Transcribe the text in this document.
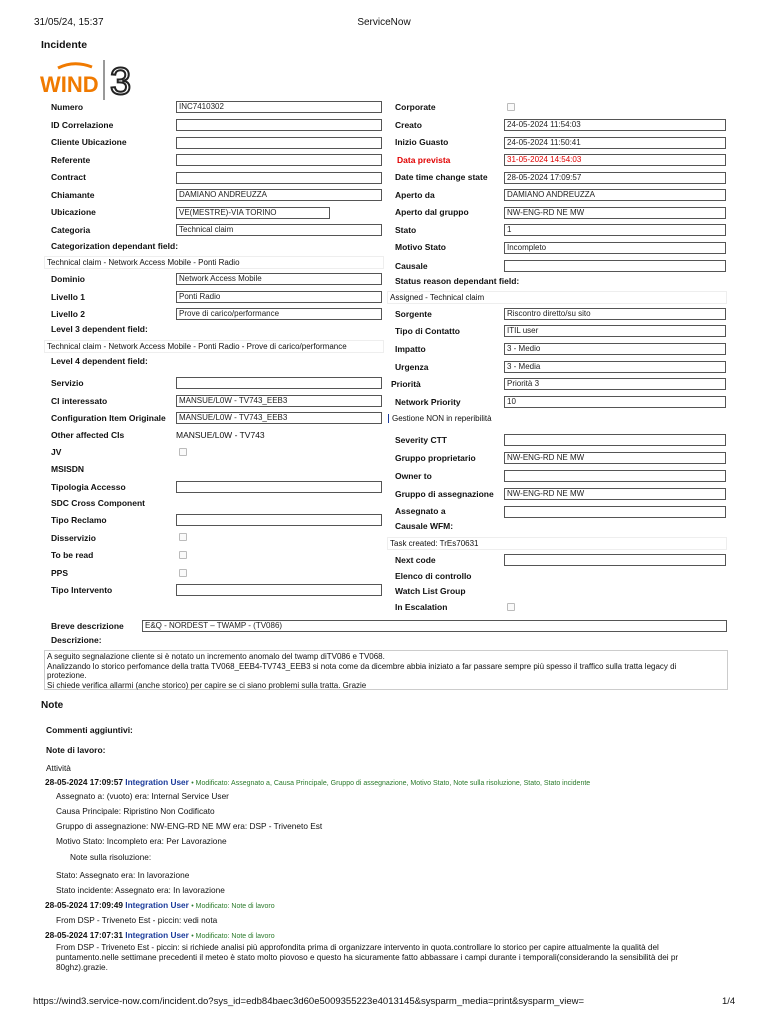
31/05/24, 15:37	ServiceNow
Incidente
WIND 3
Numero	INC7410302
ID Correlazione
Cliente Ubicazione
Referente
Contract
Chiamante	DAMIANO ANDREUZZA
Ubicazione	VE(MESTRE)-VIA TORINO
Categoria	Technical claim
Categorization dependant field:
Technical claim - Network Access Mobile - Ponti Radio
Dominio	Network Access Mobile
Livello 1	Ponti Radio
Livello 2	Prove di carico/performance
Level 3 dependent field:
Technical claim - Network Access Mobile - Ponti Radio - Prove di carico/performance
Level 4 dependent field:
Servizio
CI interessato	MANSUE/L0W - TV743_EEB3
Configuration Item Originale	MANSUE/L0W - TV743_EEB3
Other affected CIs	MANSUE/L0W - TV743
JV
MSISDN
Tipologia Accesso
SDC Cross Component
Tipo Reclamo
Disservizio
To be read
PPS
Tipo Intervento
Corporate
Creato	24-05-2024 11:54:03
Inizio Guasto	24-05-2024 11:50:41
Data prevista	31-05-2024 14:54:03
Date time change state	28-05-2024 17:09:57
Aperto da	DAMIANO ANDREUZZA
Aperto dal gruppo	NW-ENG-RD NE MW
Stato	1
Motivo Stato	Incompleto
Causale
Status reason dependant field:
Assigned - Technical claim
Sorgente	Riscontro diretto/su sito
Tipo di Contatto	ITIL user
Impatto	3 - Medio
Urgenza	3 - Media
Priorità	Priorità 3
Network Priority	10
Gestione NON in reperibilità
Severity CTT
Gruppo proprietario	NW-ENG-RD NE MW
Owner to
Gruppo di assegnazione	NW-ENG-RD NE MW
Assegnato a
Causale WFM:
Task created: TrEs70631
Next code
Elenco di controllo
Watch List Group
In Escalation
Breve descrizione	E&Q - NORDEST – TWAMP - (TV086)
Descrizione:
A seguito segnalazione cliente si è notato un incremento anomalo del twamp diTV086 e TV068.
Analizzando lo storico perfomance della tratta TV068_EEB4-TV743_EEB3 si nota come da dicembre abbia iniziato a far passare sempre più spesso il traffico sulla tratta legacy di
protezione.
Si chiede verifica allarmi (anche storico) per capire se ci siano problemi sulla tratta. Grazie
Note
Commenti aggiuntivi:
Note di lavoro:
Attività
28-05-2024 17:09:57 Integration User • Modificato: Assegnato a, Causa Principale, Gruppo di assegnazione, Motivo Stato, Note sulla risoluzione, Stato, Stato incidente
Assegnato a: (vuoto) era: Internal Service User
Causa Principale: Ripristino Non Codificato
Gruppo di assegnazione: NW-ENG-RD NE MW era: DSP - Triveneto Est
Motivo Stato: Incompleto era: Per Lavorazione
Note sulla risoluzione:
Stato: Assegnato era: In lavorazione
Stato incidente: Assegnato era: In lavorazione
28-05-2024 17:09:49 Integration User • Modificato: Note di lavoro
From DSP - Triveneto Est - piccin: vedi nota
28-05-2024 17:07:31 Integration User • Modificato: Note di lavoro
From DSP - Triveneto Est - piccin: si richiede analisi più approfondita prima di organizzare intervento in quota.controllare lo storico per capire attualmente la qualità del
puntamento.nelle settimane precedenti il meteo è stato molto piovoso e questo ha sicuramente fatto abbassare i campi durante i temporali(considerando la sensibilità dei pr
80ghz).grazie.
https://wind3.service-now.com/incident.do?sys_id=edb84baec3d60e5009355223e4013145&sysparm_media=print&sysparm_view=	1/4
